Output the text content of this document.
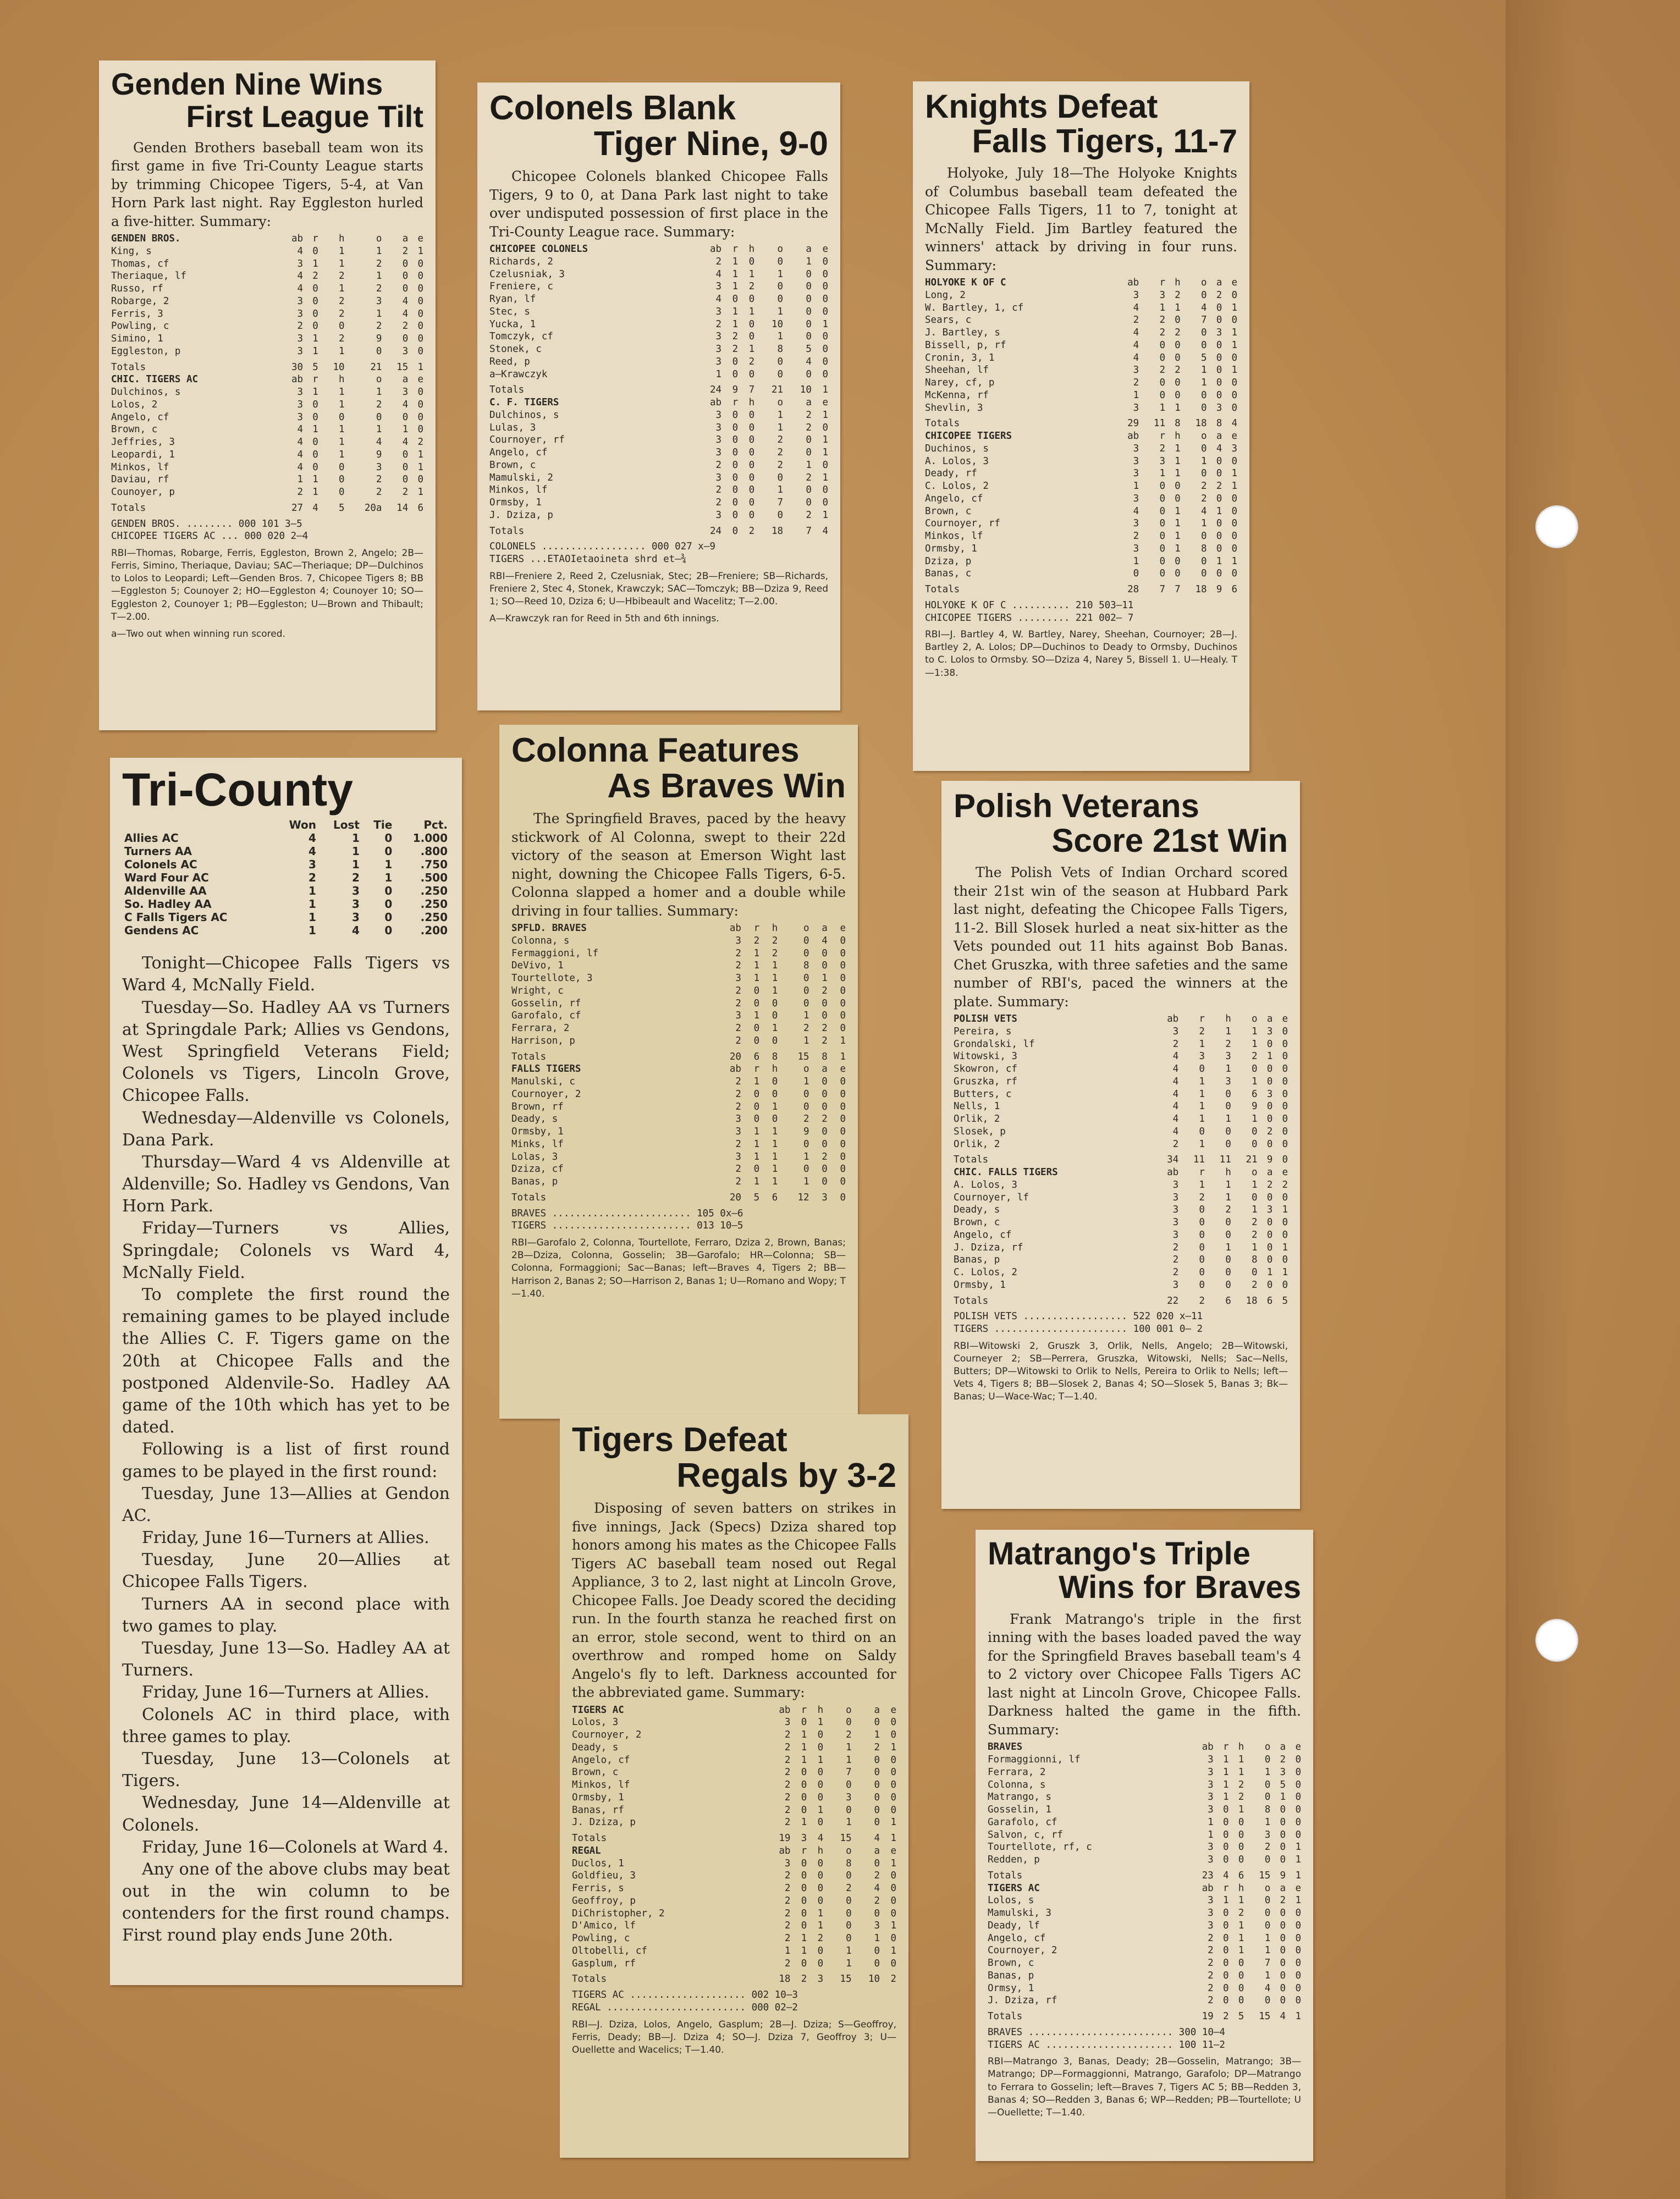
Genden Nine Wins
First League Tilt

Genden Brothers baseball team won its first game in five Tri-County League starts by trimming Chicopee Tigers, 5-4, at Van Horn Park last night. Ray Eggleston hurled a five-hitter. Summary:

GENDEN BROS.	ab	r	h	o	a	e
King, s	4	0	1	1	2	1
Thomas, cf	3	1	1	2	0	0
Theriaque, lf	4	2	2	1	0	0
Russo, rf	4	0	1	2	0	0
Robarge, 2	3	0	2	3	4	0
Ferris, 3	3	0	2	1	4	0
Powling, c	2	0	0	2	2	0
Simino, 1	3	1	2	9	0	0
Eggleston, p	3	1	1	0	3	0
Totals	30	5	10	21	15	1
CHIC. TIGERS AC	ab	r	h	o	a	e
Dulchinos, s	3	1	1	1	3	0
Lolos, 2	3	0	1	2	4	0
Angelo, cf	3	0	0	0	0	0
Brown, c	4	1	1	1	1	0
Jeffries, 3	4	0	1	4	4	2
Leopardi, 1	4	0	1	9	0	1
Minkos, lf	4	0	0	3	0	1
Daviau, rf	1	1	0	2	0	0
Counoyer, p	2	1	0	2	2	1
Totals	27	4	5	20a	14	6
GENDEN BROS. ........ 000 101 3—5
CHICOPEE TIGERS AC ... 000 020 2—4
RBI—Thomas, Robarge, Ferris, Eggleston, Brown 2, Angelo; 2B—Ferris, Simino, Theriaque, Daviau; SAC—Theriaque; DP—Dulchinos to Lolos to Leopardi; Left—Genden Bros. 7, Chicopee Tigers 8; BB—Eggleston 5; Counoyer 2; HO—Eggleston 4; Counoyer 10; SO—Eggleston 2, Counoyer 1; PB—Eggleston; U—Brown and Thibault; T—2.00.
a—Two out when winning run scored.
Colonels Blank
Tiger Nine, 9-0

Chicopee Colonels blanked Chicopee Falls Tigers, 9 to 0, at Dana Park last night to take over undisputed possession of first place in the Tri-County League race. Summary:

CHICOPEE COLONELS	ab	r	h	o	a	e
Richards, 2	2	1	0	0	1	0
Czelusniak, 3	4	1	1	1	0	0
Freniere, c	3	1	2	0	0	0
Ryan, lf	4	0	0	0	0	0
Stec, s	3	1	1	1	0	0
Yucka, 1	2	1	0	10	0	1
Tomczyk, cf	3	2	0	1	0	0
Stonek, c	3	2	1	8	5	0
Reed, p	3	0	2	0	4	0
a—Krawczyk	1	0	0	0	0	0
Totals	24	9	7	21	10	1
C. F. TIGERS	ab	r	h	o	a	e
Dulchinos, s	3	0	0	1	2	1
Lulas, 3	3	0	0	1	2	0
Cournoyer, rf	3	0	0	2	0	1
Angelo, cf	3	0	0	2	0	1
Brown, c	2	0	0	2	1	0
Mamulski, 2	3	0	0	0	2	1
Minkos, lf	2	0	0	1	0	0
Ormsby, 1	2	0	0	7	0	0
J. Dziza, p	3	0	0	0	2	1
Totals	24	0	2	18	7	4
COLONELS .................. 000 027 x—9
TIGERS ...ETAOIetaoineta shrd et—¾
RBI—Freniere 2, Reed 2, Czelusniak, Stec; 2B—Freniere; SB—Richards, Freniere 2, Stec 4, Stonek, Krawczyk; SAC—Tomczyk; BB—Dziza 9, Reed 1; SO—Reed 10, Dziza 6; U—Hbibeault and Wacelitz; T—2.00.
A—Krawczyk ran for Reed in 5th and 6th innings.
Knights Defeat
Falls Tigers, 11-7

Holyoke, July 18—The Holyoke Knights of Columbus baseball team defeated the Chicopee Falls Tigers, 11 to 7, tonight at McNally Field. Jim Bartley featured the winners' attack by driving in four runs. Summary:

HOLYOKE K OF C	ab	r	h	o	a	e
Long, 2	3	3	2	0	2	0
W. Bartley, 1, cf	4	1	1	4	0	1
Sears, c	2	2	0	7	0	0
J. Bartley, s	4	2	2	0	3	1
Bissell, p, rf	4	0	0	0	0	1
Cronin, 3, 1	4	0	0	5	0	0
Sheehan, lf	3	2	2	1	0	1
Narey, cf, p	2	0	0	1	0	0
McKenna, rf	1	0	0	0	0	0
Shevlin, 3	3	1	1	0	3	0
Totals	29	11	8	18	8	4
CHICOPEE TIGERS	ab	r	h	o	a	e
Duchinos, s	3	2	1	0	4	3
A. Lolos, 3	3	3	1	1	0	0
Deady, rf	3	1	1	0	0	1
C. Lolos, 2	1	0	0	2	2	1
Angelo, cf	3	0	0	2	0	0
Brown, c	4	0	1	4	1	0
Cournoyer, rf	3	0	1	1	0	0
Minkos, lf	2	0	1	0	0	0
Ormsby, 1	3	0	1	8	0	0
Dziza, p	1	0	0	0	1	1
Banas, c	0	0	0	0	0	0
Totals	28	7	7	18	9	6
HOLYOKE K OF C .......... 210 503—11
CHICOPEE TIGERS ......... 221 002— 7
RBI—J. Bartley 4, W. Bartley, Narey, Sheehan, Cournoyer; 2B—J. Bartley 2, A. Lolos; DP—Duchinos to Deady to Ormsby, Duchinos to C. Lolos to Ormsby. SO—Dziza 4, Narey 5, Bissell 1. U—Healy. T—1:38.
Tri-County
	Won	Lost	Tie	Pct.
Allies AC	4	1	0	1.000
Turners AA	4	1	0	.800
Colonels AC	3	1	1	.750
Ward Four AC	2	2	1	.500
Aldenville AA	1	3	0	.250
So. Hadley AA	1	3	0	.250
C Falls Tigers AC	1	3	0	.250
Gendens AC	1	4	0	.200

Tonight—Chicopee Falls Tigers vs Ward 4, McNally Field.

Tuesday—So. Hadley AA vs Turners at Springdale Park; Allies vs Gendons, West Springfield Veterans Field; Colonels vs Tigers, Lincoln Grove, Chicopee Falls.

Wednesday—Aldenville vs Colonels, Dana Park.

Thursday—Ward 4 vs Aldenville at Aldenville; So. Hadley vs Gendons, Van Horn Park.

Friday—Turners vs Allies, Springdale; Colonels vs Ward 4, McNally Field.

To complete the first round the remaining games to be played include the Allies C. F. Tigers game on the 20th at Chicopee Falls and the postponed Aldenvile-So. Hadley AA game of the 10th which has yet to be dated.

Following is a list of first round games to be played in the first round:

Tuesday, June 13—Allies at Gendon AC.

Friday, June 16—Turners at Allies.

Tuesday, June 20—Allies at Chicopee Falls Tigers.

Turners AA in second place with two games to play.

Tuesday, June 13—So. Hadley AA at Turners.

Friday, June 16—Turners at Allies.

Colonels AC in third place, with three games to play.

Tuesday, June 13—Colonels at Tigers.

Wednesday, June 14—Aldenville at Colonels.

Friday, June 16—Colonels at Ward 4.

Any one of the above clubs may beat out in the win column to be contenders for the first round champs. First round play ends June 20th.

Colonna Features
As Braves Win

The Springfield Braves, paced by the heavy stickwork of Al Colonna, swept to their 22d victory of the season at Emerson Wight last night, downing the Chicopee Falls Tigers, 6-5. Colonna slapped a homer and a double while driving in four tallies. Summary:

SPFLD. BRAVES	ab	r	h	o	a	e
Colonna, s	3	2	2	0	4	0
Fermaggioni, lf	2	1	2	0	0	0
DeVivo, 1	2	1	1	8	0	0
Tourtellote, 3	3	1	1	0	1	0
Wright, c	2	0	1	0	2	0
Gosselin, rf	2	0	0	0	0	0
Garofalo, cf	3	1	0	1	0	0
Ferrara, 2	2	0	1	2	2	0
Harrison, p	2	0	0	1	2	1
Totals	20	6	8	15	8	1
FALLS TIGERS	ab	r	h	o	a	e
Manulski, c	2	1	0	1	0	0
Cournoyer, 2	2	0	0	0	0	0
Brown, rf	2	0	1	0	0	0
Deady, s	3	0	0	2	2	0
Ormsby, 1	3	1	1	9	0	0
Minks, lf	2	1	1	0	0	0
Lolas, 3	3	1	1	1	2	0
Dziza, cf	2	0	1	0	0	0
Banas, p	2	1	1	1	0	0
Totals	20	5	6	12	3	0
BRAVES ........................ 105 0x—6
TIGERS ........................ 013 10—5
RBI—Garofalo 2, Colonna, Tourtellote, Ferraro, Dziza 2, Brown, Banas; 2B—Dziza, Colonna, Gosselin; 3B—Garofalo; HR—Colonna; SB—Colonna, Formaggioni; Sac—Banas; left—Braves 4, Tigers 2; BB—Harrison 2, Banas 2; SO—Harrison 2, Banas 1; U—Romano and Wopy; T—1.40.
Polish Veterans
Score 21st Win

The Polish Vets of Indian Orchard scored their 21st win of the season at Hubbard Park last night, defeating the Chicopee Falls Tigers, 11-2. Bill Slosek hurled a neat six-hitter as the Vets pounded out 11 hits against Bob Banas. Chet Gruszka, with three safeties and the same number of RBI's, paced the winners at the plate. Summary:

POLISH VETS	ab	r	h	o	a	e
Pereira, s	3	2	1	1	3	0
Grondalski, lf	2	1	2	1	0	0
Witowski, 3	4	3	3	2	1	0
Skowron, cf	4	0	1	0	0	0
Gruszka, rf	4	1	3	1	0	0
Butters, c	4	1	0	6	3	0
Nells, 1	4	1	0	9	0	0
Orlik, 2	4	1	1	1	0	0
Slosek, p	4	0	0	0	2	0
Orlik, 2	2	1	0	0	0	0
Totals	34	11	11	21	9	0
CHIC. FALLS TIGERS	ab	r	h	o	a	e
A. Lolos, 3	3	1	1	1	2	2
Cournoyer, lf	3	2	1	0	0	0
Deady, s	3	0	2	1	3	1
Brown, c	3	0	0	2	0	0
Angelo, cf	3	0	0	2	0	0
J. Dziza, rf	2	0	1	1	0	1
Banas, p	2	0	0	8	0	0
C. Lolos, 2	2	0	0	0	1	1
Ormsby, 1	3	0	0	2	0	0
Totals	22	2	6	18	6	5
POLISH VETS .................. 522 020 x—11
TIGERS ....................... 100 001 0— 2
RBI—Witowski 2, Gruszk 3, Orlik, Nells, Angelo; 2B—Witowski, Courneyer 2; SB—Perrera, Gruszka, Witowski, Nells; Sac—Nells, Butters; DP—Witowski to Orlik to Nells, Pereira to Orlik to Nells; left—Vets 4, Tigers 8; BB—Slosek 2, Banas 4; SO—Slosek 5, Banas 3; Bk—Banas; U—Wace-Wac; T—1.40.
Tigers Defeat
Regals by 3-2

Disposing of seven batters on strikes in five innings, Jack (Specs) Dziza shared top honors among his mates as the Chicopee Falls Tigers AC baseball team nosed out Regal Appliance, 3 to 2, last night at Lincoln Grove, Chicopee Falls. Joe Deady scored the deciding run. In the fourth stanza he reached first on an error, stole second, went to third on an overthrow and romped home on Saldy Angelo's fly to left. Darkness accounted for the abbreviated game. Summary:

TIGERS AC	ab	r	h	o	a	e
Lolos, 3	3	0	1	0	0	0
Cournoyer, 2	2	1	0	2	1	0
Deady, s	2	1	0	1	2	1
Angelo, cf	2	1	1	1	0	0
Brown, c	2	0	0	7	0	0
Minkos, lf	2	0	0	0	0	0
Ormsby, 1	2	0	0	3	0	0
Banas, rf	2	0	1	0	0	0
J. Dziza, p	2	1	0	1	0	1
Totals	19	3	4	15	4	1
REGAL	ab	r	h	o	a	e
Duclos, 1	3	0	0	8	0	1
Goldfieu, 3	2	0	0	0	2	0
Ferris, s	2	0	0	2	4	0
Geoffroy, p	2	0	0	0	2	0
DiChristopher, 2	2	0	1	0	0	0
D'Amico, lf	2	0	1	0	3	1
Powling, c	2	1	2	0	1	0
Oltobelli, cf	1	1	0	1	0	1
Gasplum, rf	2	0	0	1	0	0
Totals	18	2	3	15	10	2
TIGERS AC .................... 002 10—3
REGAL ........................ 000 02—2
RBI—J. Dziza, Lolos, Angelo, Gasplum; 2B—J. Dziza; S—Geoffroy, Ferris, Deady; BB—J. Dziza 4; SO—J. Dziza 7, Geoffroy 3; U—Ouellette and Wacelics; T—1.40.
Matrango's Triple
Wins for Braves

Frank Matrango's triple in the first inning with the bases loaded paved the way for the Springfield Braves baseball team's 4 to 2 victory over Chicopee Falls Tigers AC last night at Lincoln Grove, Chicopee Falls. Darkness halted the game in the fifth. Summary:

BRAVES	ab	r	h	o	a	e
Formaggionni, lf	3	1	1	0	2	0
Ferrara, 2	3	1	1	1	3	0
Colonna, s	3	1	2	0	5	0
Matrango, s	3	1	2	0	1	0
Gosselin, 1	3	0	1	8	0	0
Garafolo, cf	1	0	0	1	0	0
Salvon, c, rf	1	0	0	3	0	0
Tourtellote, rf, c	3	0	0	2	0	1
Redden, p	3	0	0	0	0	1
Totals	23	4	6	15	9	1
TIGERS AC	ab	r	h	o	a	e
Lolos, s	3	1	1	0	2	1
Mamulski, 3	3	0	2	0	0	0
Deady, lf	3	0	1	0	0	0
Angelo, cf	2	0	1	1	0	0
Cournoyer, 2	2	0	1	1	0	0
Brown, c	2	0	0	7	0	0
Banas, p	2	0	0	1	0	0
Ormsy, 1	2	0	0	4	0	0
J. Dziza, rf	2	0	0	0	0	0
Totals	19	2	5	15	4	1
BRAVES ......................... 300 10—4
TIGERS AC ...................... 100 11—2
RBI—Matrango 3, Banas, Deady; 2B—Gosselin, Matrango; 3B—Matrango; DP—Formaggionni, Matrango, Garafolo; DP—Matrango to Ferrara to Gosselin; left—Braves 7, Tigers AC 5; BB—Redden 3, Banas 4; SO—Redden 3, Banas 6; WP—Redden; PB—Tourtellote; U—Ouellette; T—1.40.
